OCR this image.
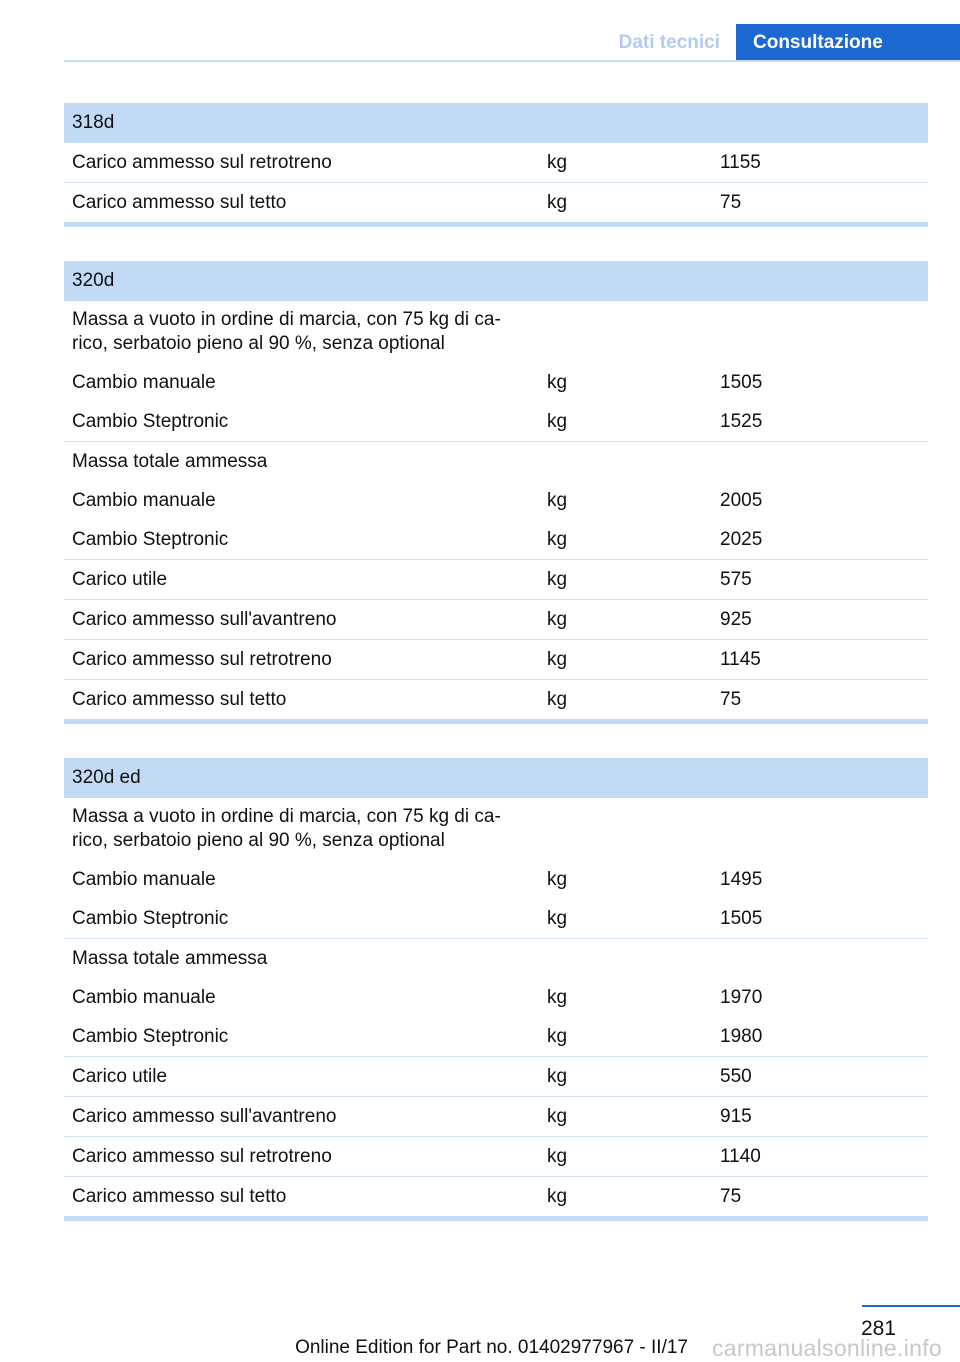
Dati tecnici	Consultazione
318d		
Carico ammesso sul retrotreno	kg	1155
Carico ammesso sul tetto	kg	75

320d		
Massa a vuoto in ordine di marcia, con 75 kg di ca-
rico, serbatoio pieno al 90 %, senza optional		
Cambio manuale	kg	1505
Cambio Steptronic	kg	1525
Massa totale ammessa		
Cambio manuale	kg	2005
Cambio Steptronic	kg	2025
Carico utile	kg	575
Carico ammesso sull'avantreno	kg	925
Carico ammesso sul retrotreno	kg	1145
Carico ammesso sul tetto	kg	75

320d ed		
Massa a vuoto in ordine di marcia, con 75 kg di ca-
rico, serbatoio pieno al 90 %, senza optional		
Cambio manuale	kg	1495
Cambio Steptronic	kg	1505
Massa totale ammessa		
Cambio manuale	kg	1970
Cambio Steptronic	kg	1980
Carico utile	kg	550
Carico ammesso sull'avantreno	kg	915
Carico ammesso sul retrotreno	kg	1140
Carico ammesso sul tetto	kg	75

281
Online Edition for Part no. 01402977967 - II/17 carmanualsonline.info
